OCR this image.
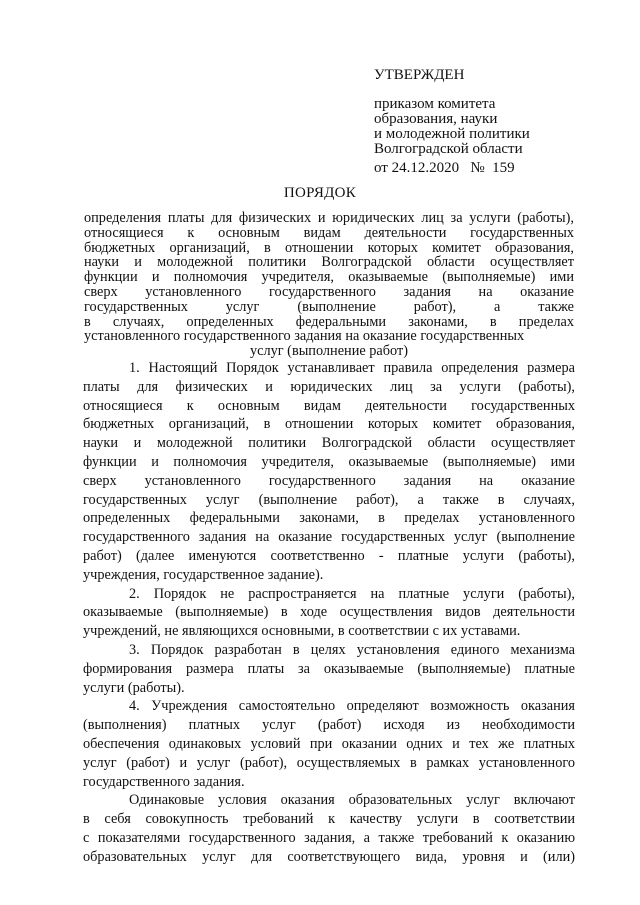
УТВЕРЖДЕН
приказом комитета
образования, науки
и молодежной политики
Волгоградской области
от 24.12.2020   №  159
ПОРЯДОК
определения платы для физических и юридических лиц за услуги (работы),
относящиеся к основным видам деятельности государственных
бюджетных организаций, в отношении которых комитет образования,
науки и молодежной политики Волгоградской области осуществляет
функции и полномочия учредителя, оказываемые (выполняемые) ими
сверх установленного государственного задания на оказание
государственных услуг (выполнение работ), а также
в случаях, определенных федеральными законами, в пределах
установленного государственного задания на оказание государственных
услуг (выполнение работ)
1. Настоящий Порядок устанавливает правила определения размера
платы для физических и юридических лиц за услуги (работы),
относящиеся к основным видам деятельности государственных
бюджетных организаций, в отношении которых комитет образования,
науки и молодежной политики Волгоградской области осуществляет
функции и полномочия учредителя, оказываемые (выполняемые) ими
сверх установленного государственного задания на оказание
государственных услуг (выполнение работ), а также в случаях,
определенных федеральными законами, в пределах установленного
государственного задания на оказание государственных услуг (выполнение
работ) (далее именуются соответственно - платные услуги (работы),
учреждения, государственное задание).
2. Порядок не распространяется на платные услуги (работы),
оказываемые (выполняемые) в ходе осуществления видов деятельности
учреждений, не являющихся основными, в соответствии с их уставами.
3. Порядок разработан в целях установления единого механизма
формирования размера платы за оказываемые (выполняемые) платные
услуги (работы).
4. Учреждения самостоятельно определяют возможность оказания
(выполнения) платных услуг (работ) исходя из необходимости
обеспечения одинаковых условий при оказании одних и тех же платных
услуг (работ) и услуг (работ), осуществляемых в рамках установленного
государственного задания.
Одинаковые условия оказания образовательных услуг включают
в себя совокупность требований к качеству услуги в соответствии
с показателями государственного задания, а также требований к оказанию
образовательных услуг для соответствующего вида, уровня и (или)
